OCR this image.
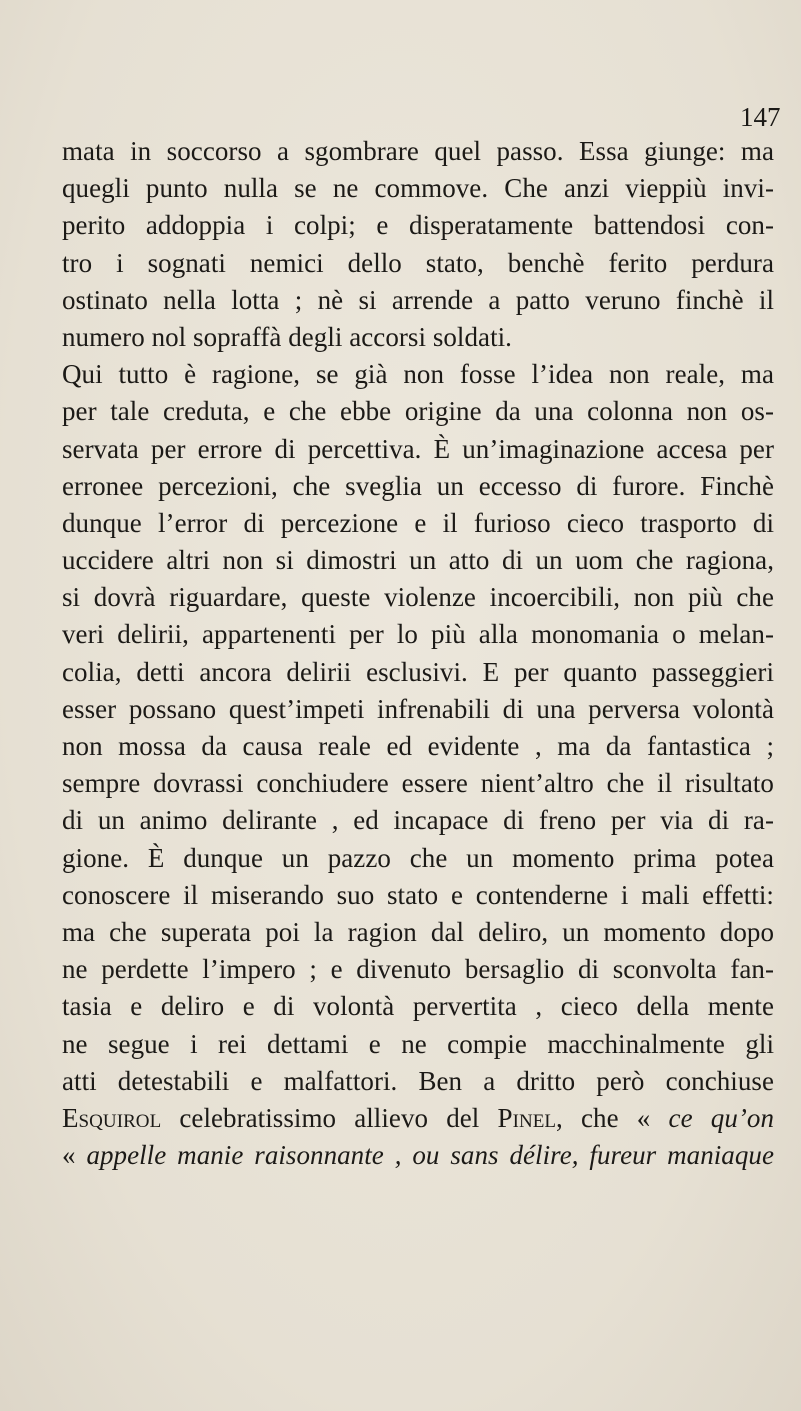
147
mata in soccorso a sgombrare quel passo. Essa giunge: ma
quegli punto nulla se ne commove. Che anzi vieppiù invi-
perito addoppia i colpi; e disperatamente battendosi con-
tro i sognati nemici dello stato, benchè ferito perdura
ostinato nella lotta ; nè si arrende a patto veruno finchè il
numero nol sopraffà degli accorsi soldati.
Qui tutto è ragione, se già non fosse l’idea non reale, ma
per tale creduta, e che ebbe origine da una colonna non os-
servata per errore di percettiva. È un’imaginazione accesa per
erronee percezioni, che sveglia un eccesso di furore. Finchè
dunque l’error di percezione e il furioso cieco trasporto di
uccidere altri non si dimostri un atto di un uom che ragiona,
si dovrà riguardare, queste violenze incoercibili, non più che
veri delirii, appartenenti per lo più alla monomania o melan-
colia, detti ancora delirii esclusivi. E per quanto passeggieri
esser possano quest’impeti infrenabili di una perversa volontà
non mossa da causa reale ed evidente , ma da fantastica ;
sempre dovrassi conchiudere essere nient’altro che il risultato
di un animo delirante , ed incapace di freno per via di ra-
gione. È dunque un pazzo che un momento prima potea
conoscere il miserando suo stato e contenderne i mali effetti:
ma che superata poi la ragion dal deliro, un momento dopo
ne perdette l’impero ; e divenuto bersaglio di sconvolta fan-
tasia e deliro e di volontà pervertita , cieco della mente
ne segue i rei dettami e ne compie macchinalmente gli
atti detestabili e malfattori. Ben a dritto però conchiuse
Esquirol celebratissimo allievo del Pinel, che « ce qu’on
« appelle manie raisonnante , ou sans délire, fureur maniaque
